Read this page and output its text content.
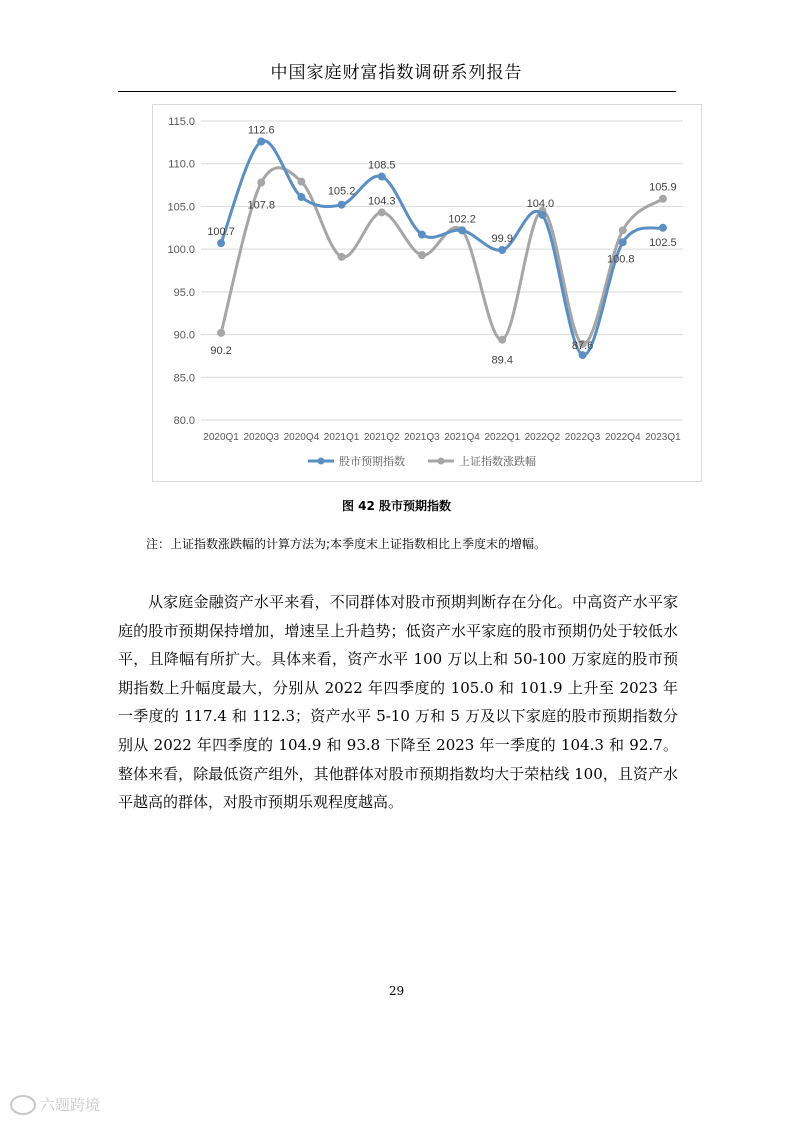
中国家庭财富指数调研系列报告
80.0
85.0
90.0
95.0
100.0
105.0
110.0
115.0
2020Q1 2020Q3 2020Q4 2021Q1 2021Q2 2021Q3 2021Q4 2022Q1 2022Q2 2022Q3 2022Q4 2023Q1
100.7
112.6
105.2
108.5
102.2
99.9
104.0
87.6
100.8
102.5
90.2
107.8	104.3
89.4
105.9
股市预期指数	上证指数涨跌幅
图 42 股市预期指数
注：上证指数涨跌幅的计算方法为;本季度末上证指数相比上季度末的增幅。
从家庭金融资产水平来看，不同群体对股市预期判断存在分化。中高资产水平家庭的股市预期保持增加，增速呈上升趋势；低资产水平家庭的股市预期仍处于较低水平，且降幅有所扩大。具体来看，资产水平 100 万以上和 50-100 万家庭的股市预期指数上升幅度最大，分别从 2022 年四季度的 105.0 和 101.9 上升至 2023 年一季度的 117.4 和 112.3；资产水平 5-10 万和 5 万及以下家庭的股市预期指数分别从 2022 年四季度的 104.9 和 93.8 下降至 2023 年一季度的 104.3 和 92.7。整体来看，除最低资产组外，其他群体对股市预期指数均大于荣枯线 100，且资产水平越高的群体，对股市预期乐观程度越高。
29
六题跨境
